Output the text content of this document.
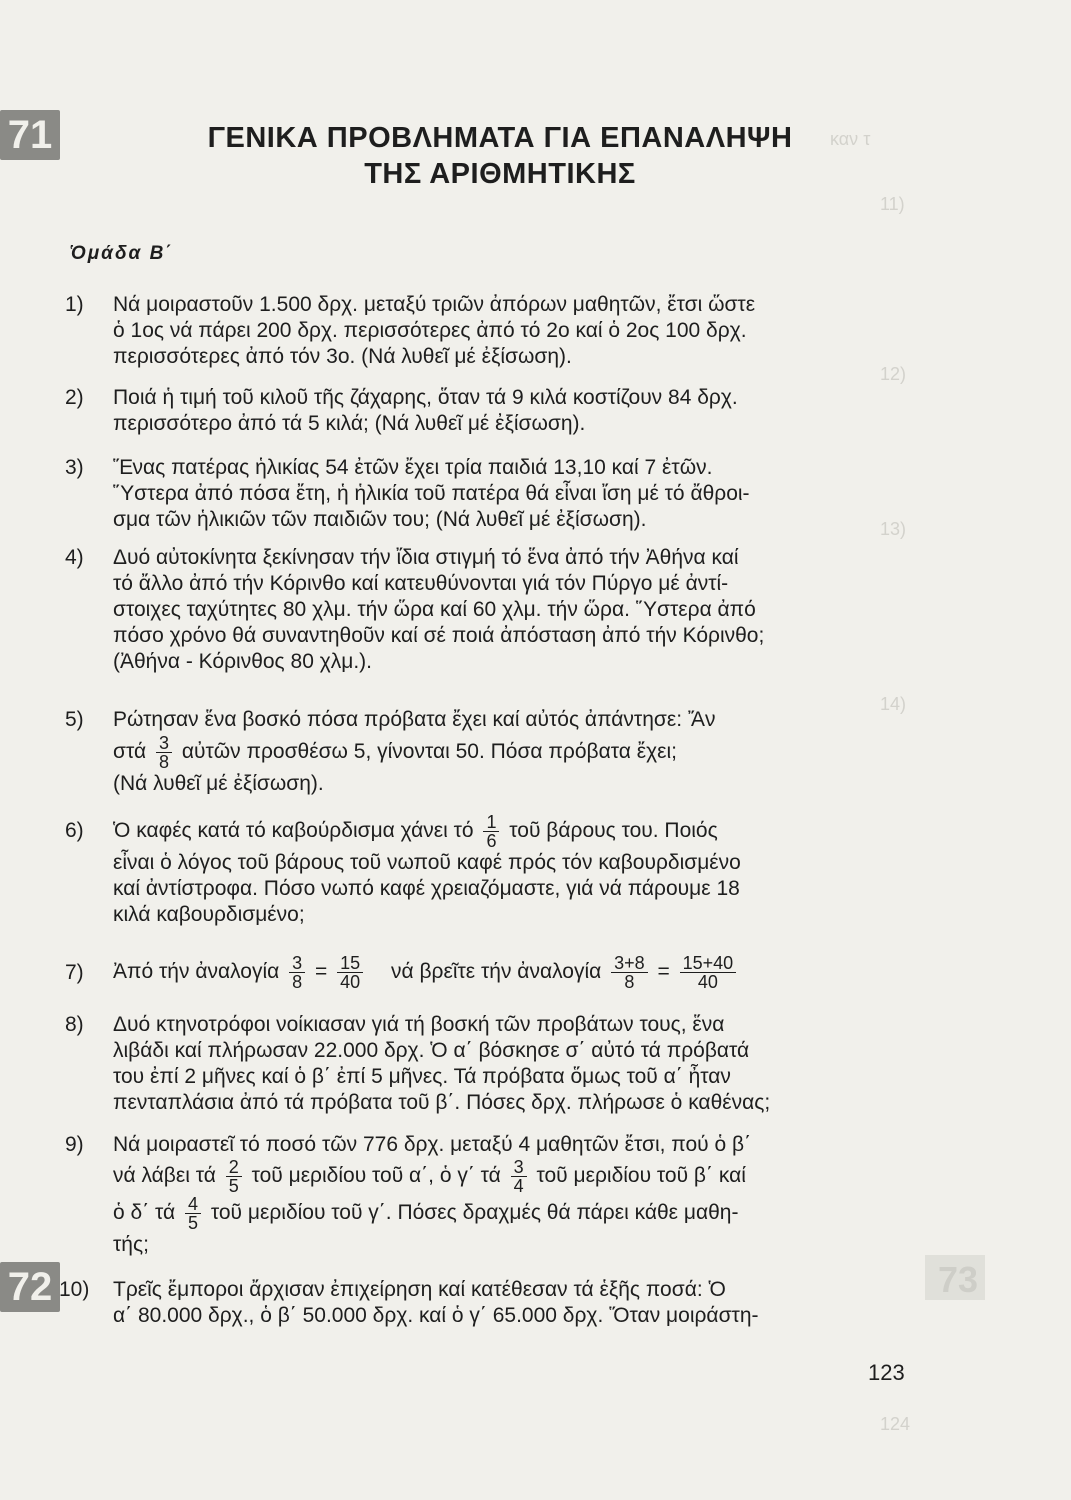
καν τ
11)
12)
13)
14)
124
71
72	73
ΓΕΝΙΚΑ ΠΡΟΒΛΗΜΑΤΑ ΓΙΑ ΕΠΑΝΑΛΗΨΗ
ΤΗΣ ΑΡΙΘΜΗΤΙΚΗΣ
Ὁμάδα Β΄
1)	Νά μοιραστοῦν 1.500 δρχ. μεταξύ τριῶν ἀπόρων μαθητῶν, ἔτσι ὥστε
ὁ 1ος νά πάρει 200 δρχ. περισσότερες ἀπό τό 2ο καί ὁ 2ος 100 δρχ.
περισσότερες ἀπό τόν 3ο. (Νά λυθεῖ μέ ἐξίσωση).
2)	Ποιά ἡ τιμή τοῦ κιλοῦ τῆς ζάχαρης, ὅταν τά 9 κιλά κοστίζουν 84 δρχ.
περισσότερο ἀπό τά 5 κιλά; (Νά λυθεῖ μέ ἐξίσωση).
3)	Ἕνας πατέρας ἡλικίας 54 ἐτῶν ἔχει τρία παιδιά 13,10 καί 7 ἐτῶν.
Ὕστερα ἀπό πόσα ἔτη, ἡ ἡλικία τοῦ πατέρα θά εἶναι ἴση μέ τό ἄθροι-
σμα τῶν ἡλικιῶν τῶν παιδιῶν του; (Νά λυθεῖ μέ ἐξίσωση).
4)	Δυό αὐτοκίνητα ξεκίνησαν τήν ἴδια στιγμή τό ἕνα ἀπό τήν Ἀθήνα καί
τό ἄλλο ἀπό τήν Κόρινθο καί κατευθύνονται γιά τόν Πύργο μέ ἀντί-
στοιχες ταχύτητες 80 χλμ. τήν ὥρα καί 60 χλμ. τήν ὥρα. Ὕστερα ἀπό
πόσο χρόνο θά συναντηθοῦν καί σέ ποιά ἀπόσταση ἀπό τήν Κόρινθο;
(Ἀθήνα - Κόρινθος 80 χλμ.).
5)	Ρώτησαν ἕνα βοσκό πόσα πρόβατα ἔχει καί αὐτός ἀπάντησε: Ἄν
στά $\frac{3}{8}$ αὐτῶν προσθέσω 5, γίνονται 50. Πόσα πρόβατα ἔχει;
(Νά λυθεῖ μέ ἐξίσωση).
6)	Ὁ καφές κατά τό καβούρδισμα χάνει τό $\frac{1}{6}$ τοῦ βάρους του. Ποιός
εἶναι ὁ λόγος τοῦ βάρους τοῦ νωποῦ καφέ πρός τόν καβουρδισμένο
καί ἀντίστροφα. Πόσο νωπό καφέ χρειαζόμαστε, γιά νά πάρουμε 18
κιλά καβουρδισμένο;
7)	Ἀπό τήν ἀναλογία $\frac{3}{8} = \frac{15}{40}$ νά βρεῖτε τήν ἀναλογία $\frac{3+8}{8} = \frac{15+40}{40}$
8)	Δυό κτηνοτρόφοι νοίκιασαν γιά τή βοσκή τῶν προβάτων τους, ἕνα
λιβάδι καί πλήρωσαν 22.000 δρχ. Ὁ α΄ βόσκησε σ΄ αὐτό τά πρόβατά
του ἐπί 2 μῆνες καί ὁ β΄ ἐπί 5 μῆνες. Τά πρόβατα ὅμως τοῦ α΄ ἦταν
πενταπλάσια ἀπό τά πρόβατα τοῦ β΄. Πόσες δρχ. πλήρωσε ὁ καθένας;
9)	Νά μοιραστεῖ τό ποσό τῶν 776 δρχ. μεταξύ 4 μαθητῶν ἔτσι, πού ὁ β΄
νά λάβει τά $\frac{2}{5}$ τοῦ μεριδίου τοῦ α΄, ὁ γ΄ τά $\frac{3}{4}$ τοῦ μεριδίου τοῦ β΄ καί
ὁ δ΄ τά $\frac{4}{5}$ τοῦ μεριδίου τοῦ γ΄. Πόσες δραχμές θά πάρει κάθε μαθη-
τής;
10)	Τρεῖς ἔμποροι ἄρχισαν ἐπιχείρηση καί κατέθεσαν τά ἑξῆς ποσά: Ὁ
α΄ 80.000 δρχ., ὁ β΄ 50.000 δρχ. καί ὁ γ΄ 65.000 δρχ. Ὅταν μοιράστη-
123
